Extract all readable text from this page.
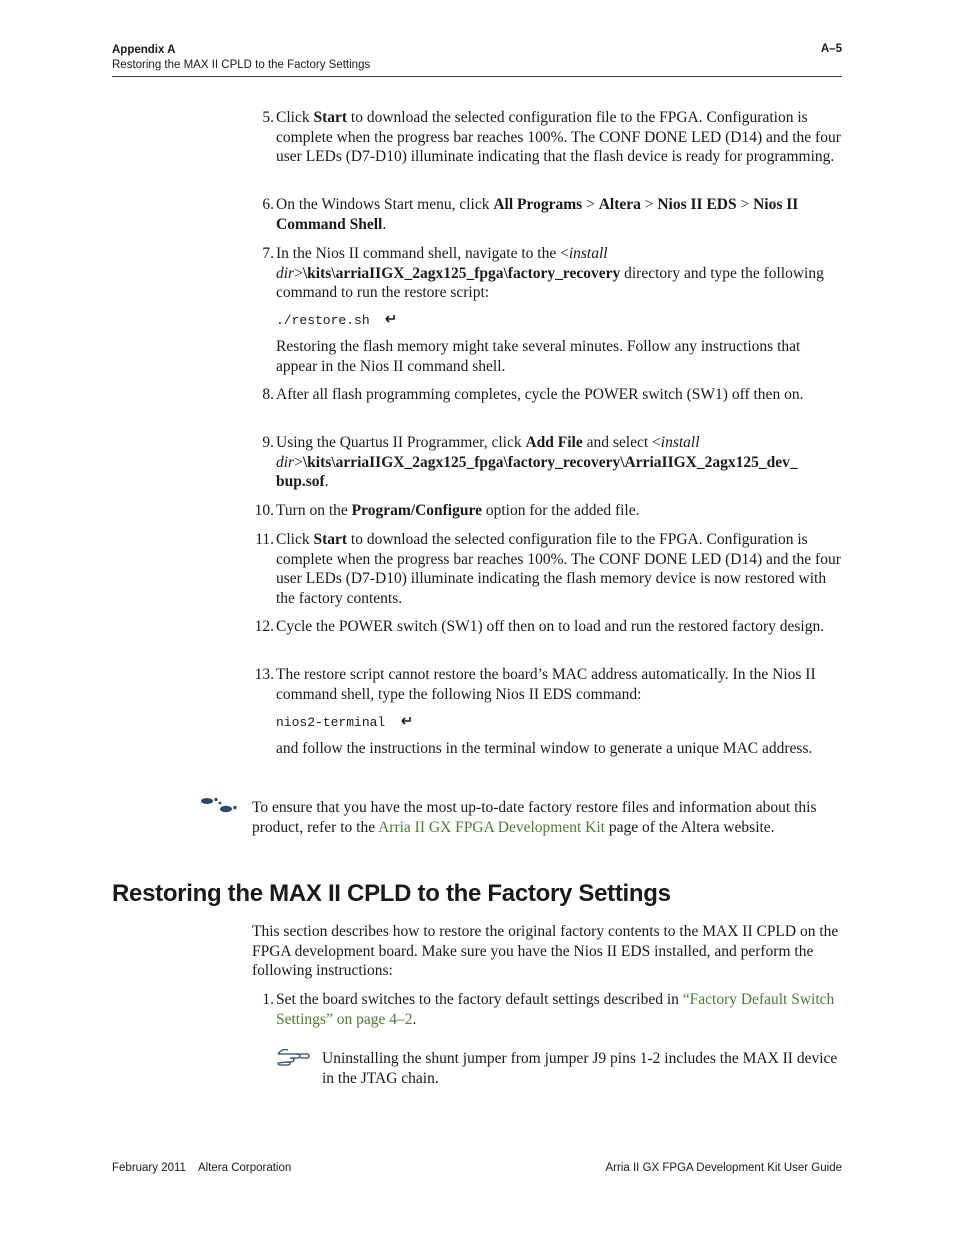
Appendix A
Restoring the MAX II CPLD to the Factory Settings
A–5
5. Click Start to download the selected configuration file to the FPGA. Configuration is complete when the progress bar reaches 100%. The CONF DONE LED (D14) and the four user LEDs (D7-D10) illuminate indicating that the flash device is ready for programming.
6. On the Windows Start menu, click All Programs > Altera > Nios II EDS > Nios II Command Shell.
7. In the Nios II command shell, navigate to the <install dir>\kits\arriaIIGX_2agx125_fpga\factory_recovery directory and type the following command to run the restore script:
./restore.sh
Restoring the flash memory might take several minutes. Follow any instructions that appear in the Nios II command shell.
8. After all flash programming completes, cycle the POWER switch (SW1) off then on.
9. Using the Quartus II Programmer, click Add File and select <install dir>\kits\arriaIIGX_2agx125_fpga\factory_recovery\ArriaIIGX_2agx125_dev_ bup.sof.
10. Turn on the Program/Configure option for the added file.
11. Click Start to download the selected configuration file to the FPGA. Configuration is complete when the progress bar reaches 100%. The CONF DONE LED (D14) and the four user LEDs (D7-D10) illuminate indicating the flash memory device is now restored with the factory contents.
12. Cycle the POWER switch (SW1) off then on to load and run the restored factory design.
13. The restore script cannot restore the board’s MAC address automatically. In the Nios II command shell, type the following Nios II EDS command:
nios2-terminal
and follow the instructions in the terminal window to generate a unique MAC address.
To ensure that you have the most up-to-date factory restore files and information about this product, refer to the Arria II GX FPGA Development Kit page of the Altera website.
Restoring the MAX II CPLD to the Factory Settings
This section describes how to restore the original factory contents to the MAX II CPLD on the FPGA development board. Make sure you have the Nios II EDS installed, and perform the following instructions:
1. Set the board switches to the factory default settings described in “Factory Default Switch Settings” on page 4–2.
Uninstalling the shunt jumper from jumper J9 pins 1-2 includes the MAX II device in the JTAG chain.
February 2011 Altera Corporation	Arria II GX FPGA Development Kit User Guide
